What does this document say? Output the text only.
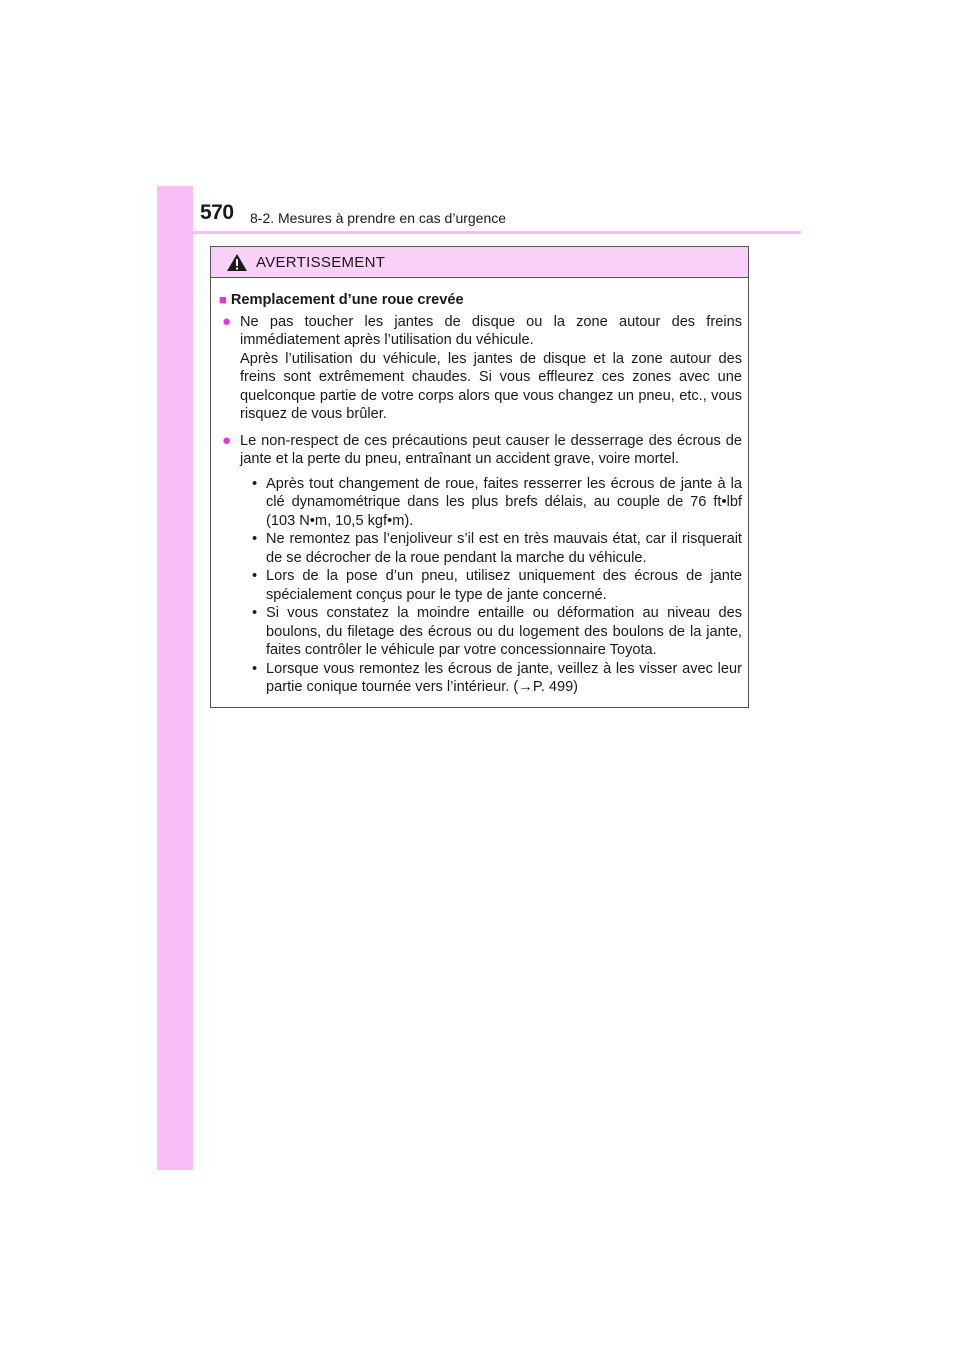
570 8-2. Mesures à prendre en cas d’urgence
AVERTISSEMENT
■ Remplacement d’une roue crevée
● Ne pas toucher les jantes de disque ou la zone autour des freins immédiatement après l’utilisation du véhicule.
Après l’utilisation du véhicule, les jantes de disque et la zone autour des freins sont extrêmement chaudes. Si vous effleurez ces zones avec une quelconque partie de votre corps alors que vous changez un pneu, etc., vous risquez de vous brûler.
● Le non-respect de ces précautions peut causer le desserrage des écrous de jante et la perte du pneu, entraînant un accident grave, voire mortel.
• Après tout changement de roue, faites resserrer les écrous de jante à la clé dynamométrique dans les plus brefs délais, au couple de 76 ft•lbf (103 N•m, 10,5 kgf•m).
• Ne remontez pas l’enjoliveur s’il est en très mauvais état, car il risquerait de se décrocher de la roue pendant la marche du véhicule.
• Lors de la pose d’un pneu, utilisez uniquement des écrous de jante spécialement conçus pour le type de jante concerné.
• Si vous constatez la moindre entaille ou déformation au niveau des boulons, du filetage des écrous ou du logement des boulons de la jante, faites contrôler le véhicule par votre concessionnaire Toyota.
• Lorsque vous remontez les écrous de jante, veillez à les visser avec leur partie conique tournée vers l’intérieur. (→P. 499)
